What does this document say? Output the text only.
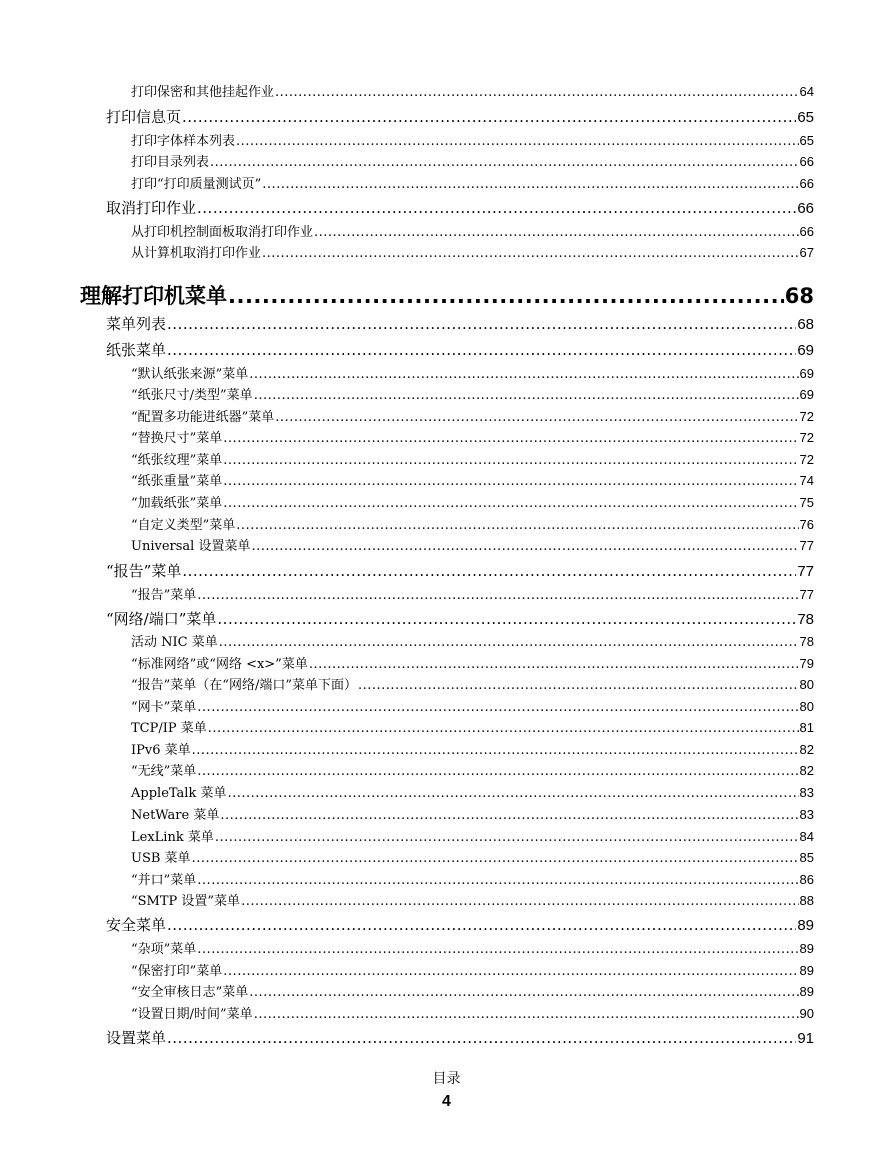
打印保密和其他挂起作业 .....	64
打印信息页 .....	65
打印字体样本列表 .....	65
打印目录列表 .....	66
打印“打印质量测试页” .....	66
取消打印作业 .....	66
从打印机控制面板取消打印作业 .....	66
从计算机取消打印作业 .....	67
理解打印机菜单 .....	68
菜单列表 .....	68
纸张菜单 .....	69
“默认纸张来源”菜单 .....	69
“纸张尺寸/类型”菜单 .....	69
“配置多功能进纸器”菜单 .....	72
“替换尺寸”菜单 .....	72
“纸张纹理”菜单 .....	72
“纸张重量”菜单 .....	74
“加载纸张”菜单 .....	75
“自定义类型”菜单 .....	76
Universal 设置菜单 .....	77
“报告”菜单 .....	77
“报告”菜单 .....	77
“网络/端口”菜单 .....	78
活动 NIC 菜单 .....	78
“标准网络”或“网络 <x>”菜单 .....	79
“报告”菜单（在“网络/端口”菜单下面） .....	80
“网卡”菜单 .....	80
TCP/IP 菜单 .....	81
IPv6 菜单 .....	82
“无线”菜单 .....	82
AppleTalk 菜单 .....	83
NetWare 菜单 .....	83
LexLink 菜单 .....	84
USB 菜单 .....	85
“并口”菜单 .....	86
“SMTP 设置”菜单 .....	88
安全菜单 .....	89
“杂项”菜单 .....	89
“保密打印”菜单 .....	89
“安全审核日志”菜单 .....	89
“设置日期/时间”菜单 .....	90
设置菜单 .....	91
目录
4
